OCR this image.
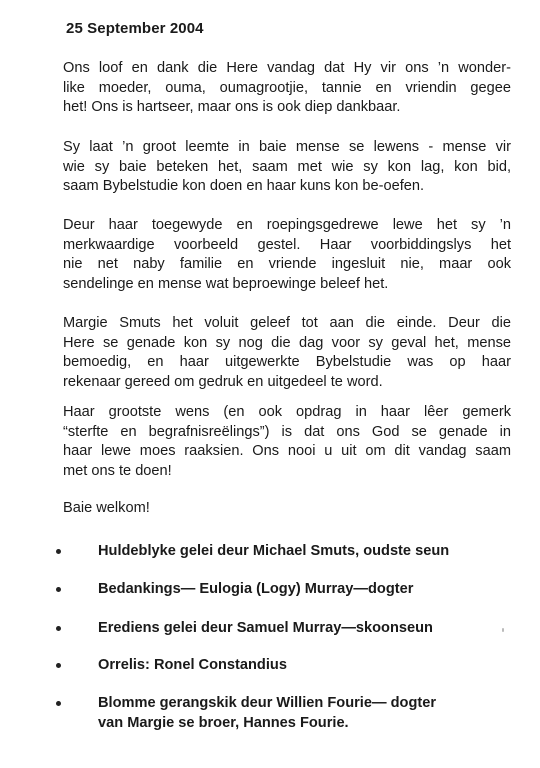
25 September 2004
Ons loof en dank die Here vandag dat Hy vir ons ’n wonder-
like moeder, ouma, oumagrootjie, tannie en vriendin gegee
het! Ons is hartseer, maar ons is ook diep dankbaar.
Sy laat ’n groot leemte in baie mense se lewens - mense vir
wie sy baie beteken het, saam met wie sy kon lag, kon bid,
saam Bybelstudie kon doen en haar kuns kon be-oefen.
Deur haar toegewyde en roepingsgedrewe lewe het sy ’n
merkwaardige voorbeeld gestel. Haar voorbiddingslys het
nie net naby familie en vriende ingesluit nie, maar ook
sendelinge en mense wat beproewinge beleef het.
Margie Smuts het voluit geleef tot aan die einde. Deur die
Here se genade kon sy nog die dag voor sy geval het, mense
bemoedig, en haar uitgewerkte Bybelstudie was op haar
rekenaar gereed om gedruk en uitgedeel te word.
Haar grootste wens (en ook opdrag in haar lêer gemerk
“sterfte en begrafnisreëlings”) is dat ons God se genade in
haar lewe moes raaksien. Ons nooi u uit om dit vandag saam
met ons te doen!
Baie welkom!
Huldeblyke gelei deur Michael Smuts, oudste seun
Bedankings— Eulogia (Logy) Murray—dogter
Erediens gelei deur Samuel Murray—skoonseun
Orrelis: Ronel Constandius
Blomme gerangskik deur Willien Fourie— dogter
van Margie se broer, Hannes Fourie.
